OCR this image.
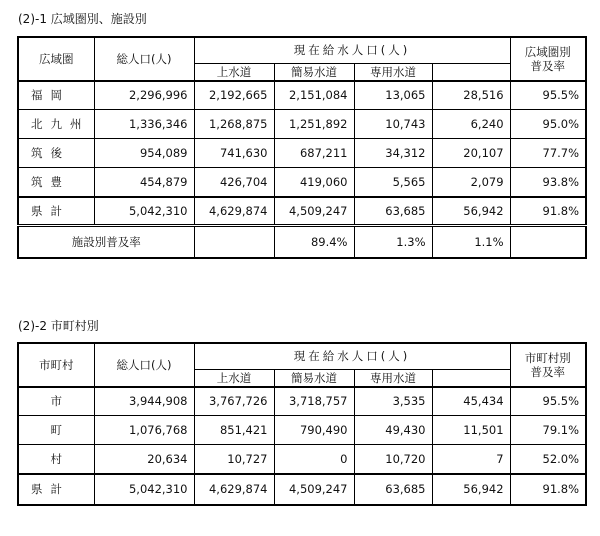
(2)-1 広域圏別、施設別
広域圏	総人口(人)	現在給水人口(人)				広域圏別
普及率
		上水道	簡易水道	専用水道		
福岡	2,296,996	2,192,665	2,151,084	13,065	28,516	95.5%
北九州	1,336,346	1,268,875	1,251,892	10,743	6,240	95.0%
筑後	954,089	741,630	687,211	34,312	20,107	77.7%
筑豊	454,879	426,704	419,060	5,565	2,079	93.8%
県計	5,042,310	4,629,874	4,509,247	63,685	56,942	91.8%
施設別普及率			89.4%	1.3%	1.1%	
(2)-2 市町村別
市町村	総人口(人)	現在給水人口(人)				市町村別
普及率
		上水道	簡易水道	専用水道		
市	3,944,908	3,767,726	3,718,757	3,535	45,434	95.5%
町	1,076,768	851,421	790,490	49,430	11,501	79.1%
村	20,634	10,727	0	10,720	7	52.0%
県計	5,042,310	4,629,874	4,509,247	63,685	56,942	91.8%
